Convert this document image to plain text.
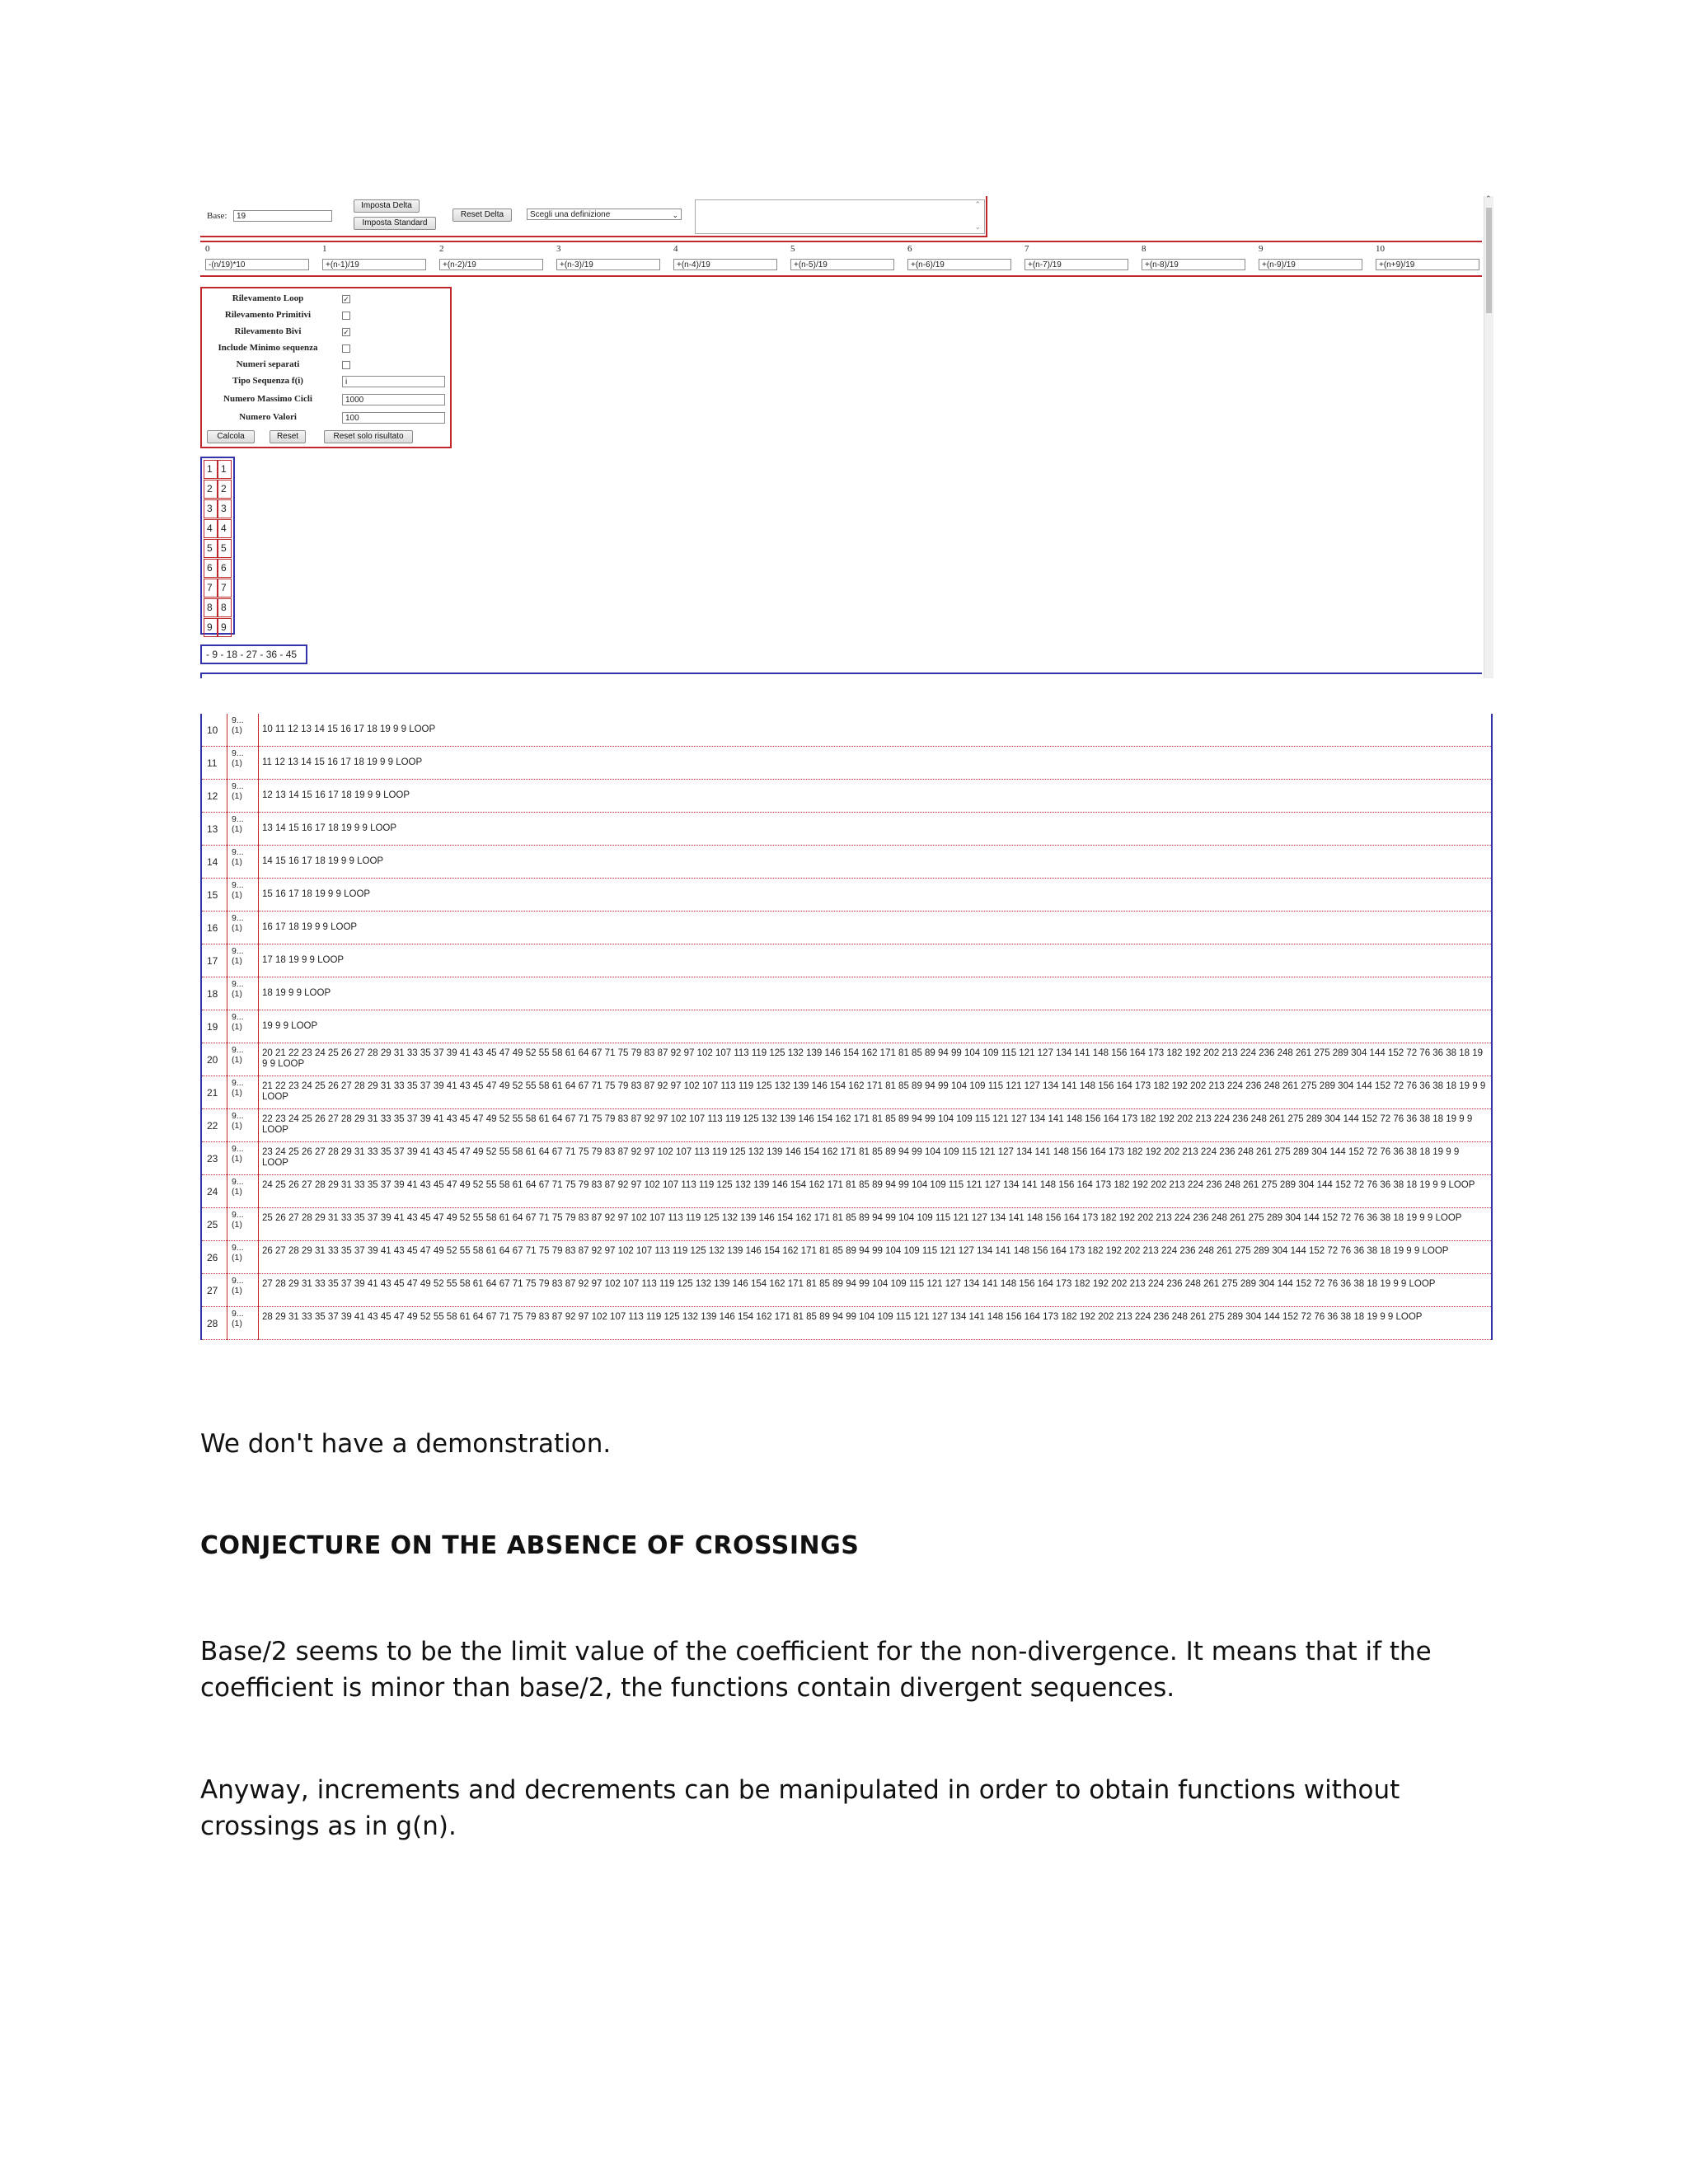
Base:	19
Imposta Delta
Imposta Standard
Reset Delta	Scegli una definizione	⌄
⌃
⌄
0
-(n/19)*10
1
+(n-1)/19
2
+(n-2)/19
3
+(n-3)/19
4
+(n-4)/19
5
+(n-5)/19
6
+(n-6)/19
7
+(n-7)/19
8
+(n-8)/19
9
+(n-9)/19
10
+(n+9)/19
Rilevamento Loop	✓
Rilevamento Primitivi
Rilevamento Bivi	✓
Include Minimo sequenza
Numeri separati
Tipo Sequenza f(i)	i
Numero Massimo Cicli	1000
Numero Valori	100
Calcola	Reset	Reset solo risultato
1 1
2 2
3 3
4 4
5 5
6 6
7 7
8 8
9 9
- 9 - 18 - 27 - 36 - 45
⌃
10
9...
(1) 10 11 12 13 14 15 16 17 18 19 9 9 LOOP
11
9...
(1) 11 12 13 14 15 16 17 18 19 9 9 LOOP
12
9...
(1) 12 13 14 15 16 17 18 19 9 9 LOOP
13
9...
(1) 13 14 15 16 17 18 19 9 9 LOOP
14
9...
(1) 14 15 16 17 18 19 9 9 LOOP
15
9...
(1) 15 16 17 18 19 9 9 LOOP
16
9...
(1) 16 17 18 19 9 9 LOOP
17
9...
(1) 17 18 19 9 9 LOOP
18
9...
(1) 18 19 9 9 LOOP
19
9...
(1) 19 9 9 LOOP
20
9...
(1)
20 21 22 23 24 25 26 27 28 29 31 33 35 37 39 41 43 45 47 49 52 55 58 61 64 67 71 75 79 83 87 92 97 102 107 113 119 125 132 139 146 154 162 171 81 85 89 94 99 104 109 115 121 127 134 141 148 156 164 173 182 192 202 213 224 236 248 261 275 289 304 144 152 72 76 36 38 18 19 9 9 LOOP
21
9...
(1)
21 22 23 24 25 26 27 28 29 31 33 35 37 39 41 43 45 47 49 52 55 58 61 64 67 71 75 79 83 87 92 97 102 107 113 119 125 132 139 146 154 162 171 81 85 89 94 99 104 109 115 121 127 134 141 148 156 164 173 182 192 202 213 224 236 248 261 275 289 304 144 152 72 76 36 38 18 19 9 9 LOOP
22
9...
(1)
22 23 24 25 26 27 28 29 31 33 35 37 39 41 43 45 47 49 52 55 58 61 64 67 71 75 79 83 87 92 97 102 107 113 119 125 132 139 146 154 162 171 81 85 89 94 99 104 109 115 121 127 134 141 148 156 164 173 182 192 202 213 224 236 248 261 275 289 304 144 152 72 76 36 38 18 19 9 9 LOOP
23
9...
(1)
23 24 25 26 27 28 29 31 33 35 37 39 41 43 45 47 49 52 55 58 61 64 67 71 75 79 83 87 92 97 102 107 113 119 125 132 139 146 154 162 171 81 85 89 94 99 104 109 115 121 127 134 141 148 156 164 173 182 192 202 213 224 236 248 261 275 289 304 144 152 72 76 36 38 18 19 9 9 LOOP
24
9...
(1)
24 25 26 27 28 29 31 33 35 37 39 41 43 45 47 49 52 55 58 61 64 67 71 75 79 83 87 92 97 102 107 113 119 125 132 139 146 154 162 171 81 85 89 94 99 104 109 115 121 127 134 141 148 156 164 173 182 192 202 213 224 236 248 261 275 289 304 144 152 72 76 36 38 18 19 9 9 LOOP
25
9...
(1)
25 26 27 28 29 31 33 35 37 39 41 43 45 47 49 52 55 58 61 64 67 71 75 79 83 87 92 97 102 107 113 119 125 132 139 146 154 162 171 81 85 89 94 99 104 109 115 121 127 134 141 148 156 164 173 182 192 202 213 224 236 248 261 275 289 304 144 152 72 76 36 38 18 19 9 9 LOOP
26
9...
(1)
26 27 28 29 31 33 35 37 39 41 43 45 47 49 52 55 58 61 64 67 71 75 79 83 87 92 97 102 107 113 119 125 132 139 146 154 162 171 81 85 89 94 99 104 109 115 121 127 134 141 148 156 164 173 182 192 202 213 224 236 248 261 275 289 304 144 152 72 76 36 38 18 19 9 9 LOOP
27
9...
(1)
27 28 29 31 33 35 37 39 41 43 45 47 49 52 55 58 61 64 67 71 75 79 83 87 92 97 102 107 113 119 125 132 139 146 154 162 171 81 85 89 94 99 104 109 115 121 127 134 141 148 156 164 173 182 192 202 213 224 236 248 261 275 289 304 144 152 72 76 36 38 18 19 9 9 LOOP
28
9...
(1)
28 29 31 33 35 37 39 41 43 45 47 49 52 55 58 61 64 67 71 75 79 83 87 92 97 102 107 113 119 125 132 139 146 154 162 171 81 85 89 94 99 104 109 115 121 127 134 141 148 156 164 173 182 192 202 213 224 236 248 261 275 289 304 144 152 72 76 36 38 18 19 9 9 LOOP
We don't have a demonstration.
CONJECTURE ON THE ABSENCE OF CROSSINGS
Base/2 seems to be the limit value of the coefficient for the non-divergence. It means that if the coefficient is minor than base/2, the functions contain divergent sequences.
Anyway, increments and decrements can be manipulated in order to obtain functions without crossings as in g(n).
